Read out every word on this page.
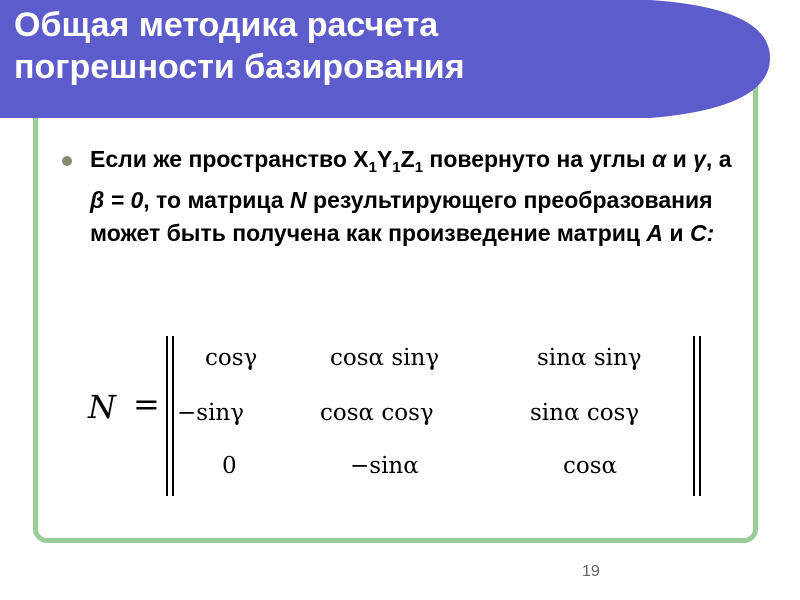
Общая методика расчета
погрешности базирования

Если же пространство $X_1Y_1Z_1$ повернуто на углы α и γ, а β = 0, то матрица N результирующего преобразования может быть получена как произведение матриц A и C:

N =
cosγ	cosα sinγ	sinα sinγ
−sinγ	cosα cosγ	sinα cosγ
0	−sinα	cosα
19
